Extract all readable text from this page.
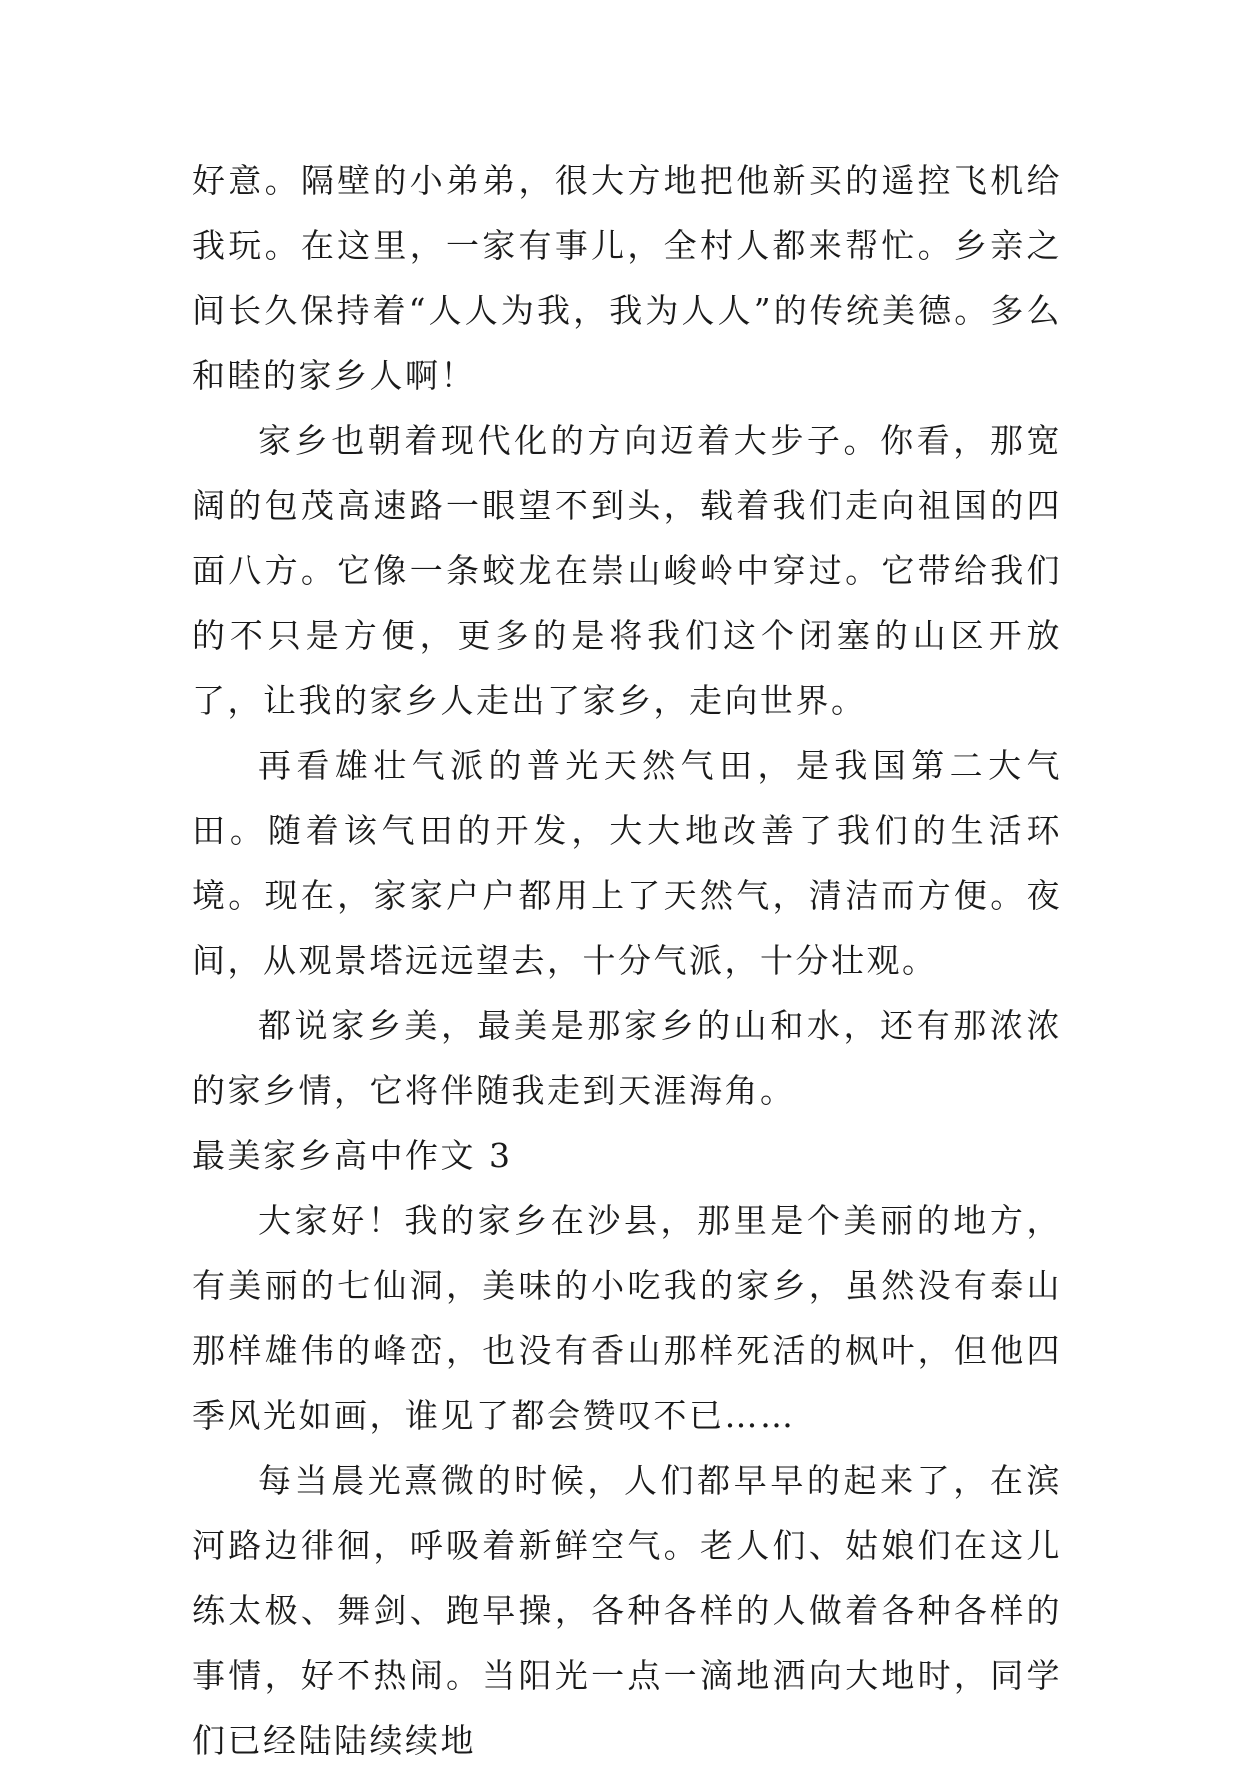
好意。隔壁的小弟弟，很大方地把他新买的遥控飞机给我玩。在这里，一家有事儿，全村人都来帮忙。乡亲之间长久保持着“人人为我，我为人人”的传统美德。多么和睦的家乡人啊！

家乡也朝着现代化的方向迈着大步子。你看，那宽阔的包茂高速路一眼望不到头，载着我们走向祖国的四面八方。它像一条蛟龙在崇山峻岭中穿过。它带给我们的不只是方便，更多的是将我们这个闭塞的山区开放了，让我的家乡人走出了家乡，走向世界。

再看雄壮气派的普光天然气田，是我国第二大气田。随着该气田的开发，大大地改善了我们的生活环境。现在，家家户户都用上了天然气，清洁而方便。夜间，从观景塔远远望去，十分气派，十分壮观。

都说家乡美，最美是那家乡的山和水，还有那浓浓的家乡情，它将伴随我走到天涯海角。

最美家乡高中作文 3

大家好！我的家乡在沙县，那里是个美丽的地方，有美丽的七仙洞，美味的小吃我的家乡，虽然没有泰山那样雄伟的峰峦，也没有香山那样死活的枫叶，但他四季风光如画，谁见了都会赞叹不已……

每当晨光熹微的时候，人们都早早的起来了，在滨河路边徘徊，呼吸着新鲜空气。老人们、姑娘们在这儿练太极、舞剑、跑早操，各种各样的人做着各种各样的事情，好不热闹。当阳光一点一滴地洒向大地时，同学们已经陆陆续续地
